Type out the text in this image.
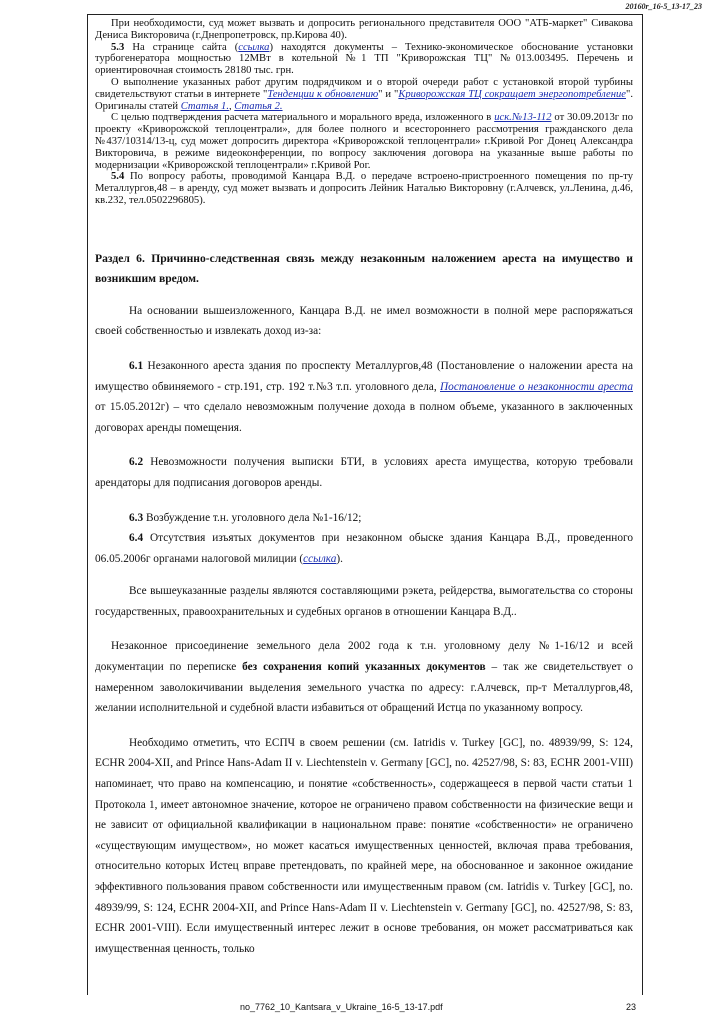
20160r_16-5_13-17_23

При необходимости, суд может вызвать и допросить регионального представителя ООО "АТБ-маркет" Сивакова Дениса Викторовича (г.Днепропетровск, пр.Кирова 40).

5.3 На странице сайта (ссылка) находятся документы – Технико-экономическое обоснование установки турбогенератора мощностью 12МВт в котельной №1 ТП "Криворожская ТЦ" №013.003495. Перечень и ориентировочная стоимость 28180 тыс. грн.

О выполнение указанных работ другим подрядчиком и о второй очереди работ с установкой второй турбины свидетельствуют статьи в интернете "Тенденции к обновлению" и "Криворожская ТЦ сокращает энергопотребление". Оригиналы статей Статья 1., Статья 2.

С целью подтверждения расчета материального и морального вреда, изложенного в иск.№13-112 от 30.09.2013г по проекту «Криворожской теплоцентрали», для более полного и всестороннего рассмотрения гражданского дела №437/10314/13-ц, суд может допросить директора «Криворожской теплоцентрали» г.Кривой Рог Донец Александра Викторовича, в режиме видеоконференции, по вопросу заключения договора на указанные выше работы по модернизации «Криворожской теплоцентрали» г.Кривой Рог.

5.4 По вопросу работы, проводимой Канцара В.Д. о передаче встроено-пристроенного помещения по пр-ту Металлургов,48 – в аренду, суд может вызвать и допросить Лейник Наталью Викторовну (г.Алчевск, ул.Ленина, д.46, кв.232, тел.0502296805).

Раздел 6. Причинно-следственная связь между незаконным наложением ареста на имущество и возникшим вредом.

На основании вышеизложенного, Канцара В.Д. не имел возможности в полной мере распоряжаться своей собственностью и извлекать доход из-за:

6.1 Незаконного ареста здания по проспекту Металлургов,48 (Постановление о наложении ареста на имущество обвиняемого - стр.191, стр. 192 т.№3 т.п. уголовного дела, Постановление о незаконности ареста от 15.05.2012г) – что сделало невозможным получение дохода в полном объеме, указанного в заключенных договорах аренды помещения.

6.2 Невозможности получения выписки БТИ, в условиях ареста имущества, которую требовали арендаторы для подписания договоров аренды.

6.3 Возбуждение т.н. уголовного дела №1-16/12;

6.4 Отсутствия изъятых документов при незаконном обыске здания Канцара В.Д., проведенного 06.05.2006г органами налоговой милиции (ссылка).

Все вышеуказанные разделы являются составляющими рэкета, рейдерства, вымогательства со стороны государственных, правоохранительных и судебных органов в отношении Канцара В.Д..

Незаконное присоединение земельного дела 2002 года к т.н. уголовному делу №1-16/12 и всей документации по переписке без сохранения копий указанных документов – так же свидетельствует о намеренном заволокичивании выделения земельного участка по адресу: г.Алчевск, пр-т Металлургов,48, желании исполнительной и судебной власти избавиться от обращений Истца по указанному вопросу.

Необходимо отметить, что ЕСПЧ в своем решении (см. Iatridis v. Turkey [GC], no. 48939/99, S: 124, ECHR 2004-XII, and Prince Hans-Adam II v. Liechtenstein v. Germany [GC], no. 42527/98, S: 83, ECHR 2001-VIII) напоминает, что право на компенсацию, и понятие «собственность», содержащееся в первой части статьи 1 Протокола 1, имеет автономное значение, которое не ограничено правом собственности на физические вещи и не зависит от официальной квалификации в национальном праве: понятие «собственности» не ограничено «существующим имуществом», но может касаться имущественных ценностей, включая права требования, относительно которых Истец вправе претендовать, по крайней мере, на обоснованное и законное ожидание эффективного пользования правом собственности или имущественным правом (см. Iatridis v. Turkey [GC], no. 48939/99, S: 124, ECHR 2004-XII, and Prince Hans-Adam II v. Liechtenstein v. Germany [GC], no. 42527/98, S: 83, ECHR 2001-VIII). Если имущественный интерес лежит в основе требования, он может рассматриваться как имущественная ценность, только

no_7762_10_Kantsara_v_Ukraine_16-5_13-17.pdf	23
